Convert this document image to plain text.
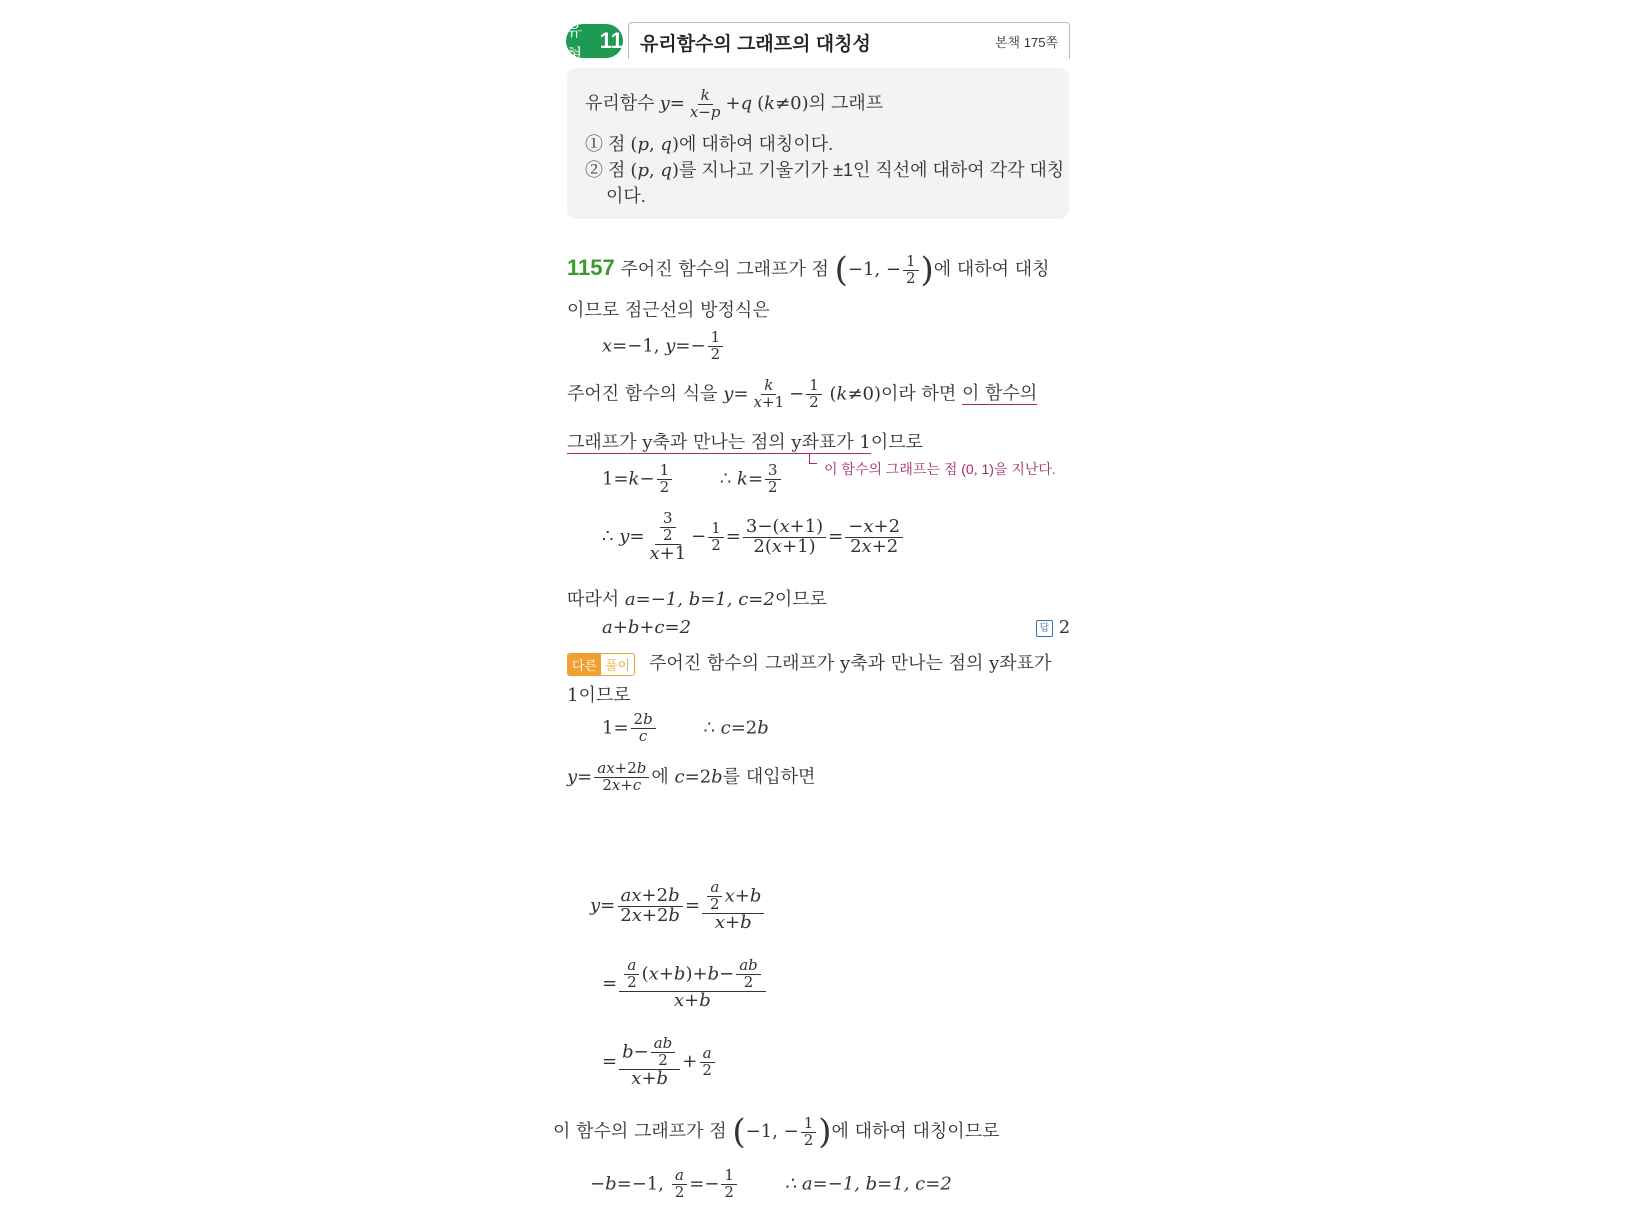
유형
11 유리함수의 그래프의 대칭성	본책 175쪽
유리함수 $y= \frac{k}{x-p} +q$ (k≠0)의 그래프
① 점 (p, q)에 대하여 대칭이다.
② 점 (p, q)를 지나고 기울기가 ±1인 직선에 대하여 각각 대칭
이다.
1157 주어진 함수의 그래프가 점 (−1, − $\frac{1}{2}$ )에 대하여 대칭
이므로 점근선의 방정식은
x=−1, $y=- \frac{1}{2}$
주어진 함수의 식을 $y= \frac{k}{x+1} - \frac{1}{2} (k\ne 0)$이라 하면 이 함수의
그래프가 y축과 만나는 점의 y좌표가 1이므로
이 함수의 그래프는 점 (0, 1)을 지난다.
$1=k- \frac{1}{2}$	∴ $k= \frac{3}{2}$
∴ $y= \frac{\frac{3}{2}}{x+1} - \frac{1}{2} = \frac{3-(x+1)}{2(x+1)} = \frac{-x+2}{2x+2}$
따라서 a=−1, b=1, c=2이므로
a+b+c=2	답 2
다른 풀이 주어진 함수의 그래프가 y축과 만나는 점의 y좌표가
1이므로
$1= \frac{2b}{c}$	∴ c=2b
$y= \frac{ax+2b}{2x+c}$ 에 c=2b를 대입하면
$y= \frac{ax+2b}{2x+2b} = \frac{\frac{a}{2} x+b}{x+b}$
= $\frac{\frac{a}{2} (x+b)+b- \frac{ab}{2}}{x+b}$
= $\frac{b- \frac{ab}{2}}{x+b} + \frac{a}{2}$
이 함수의 그래프가 점 (−1, − $\frac{1}{2}$ )에 대하여 대칭이므로
−b=−1, $\frac{a}{2} =- \frac{1}{2}$	∴ a=−1, b=1, c=2
